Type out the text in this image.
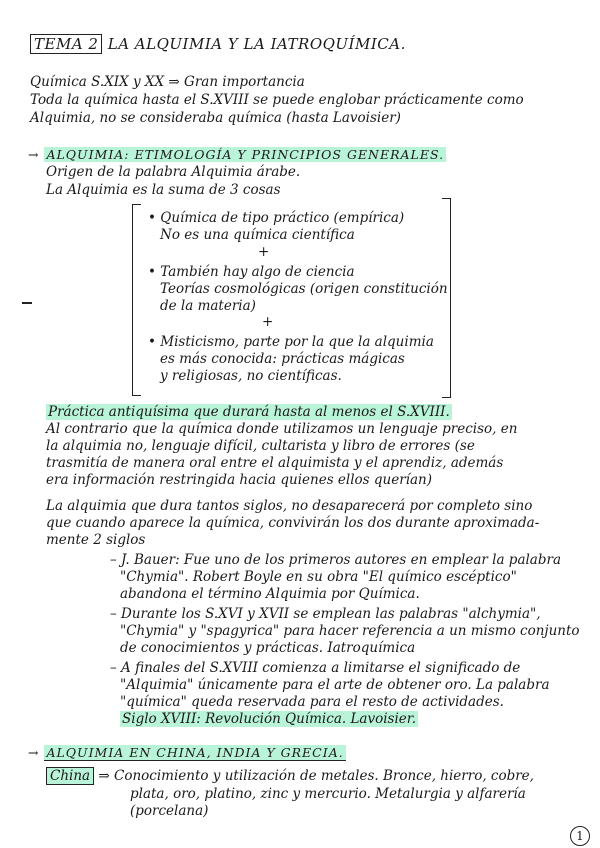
TEMA 2 LA ALQUIMIA Y LA IATROQUÍMICA.
Química S.XIX y XX ⇒ Gran importancia
Toda la química hasta el S.XVIII se puede englobar prácticamente como
Alquimia, no se consideraba química (hasta Lavoisier)
→ ALQUIMIA: ETIMOLOGÍA Y PRINCIPIOS GENERALES.
Origen de la palabra Alquimia árabe.
La Alquimia es la suma de 3 cosas
• Química de tipo práctico (empírica)
No es una química científica
+
• También hay algo de ciencia
Teorías cosmológicas (origen constitución
de la materia)
+
• Misticismo, parte por la que la alquimia
es más conocida: prácticas mágicas
y religiosas, no científicas.
Práctica antiquísima que durará hasta al menos el S.XVIII.
Al contrario que la química donde utilizamos un lenguaje preciso, en
la alquimia no, lenguaje difícil, cultarista y libro de errores (se
trasmitía de manera oral entre el alquimista y el aprendiz, además
era información restringida hacia quienes ellos querían)
La alquimia que dura tantos siglos, no desaparecerá por completo sino
que cuando aparece la química, convivirán los dos durante aproximada-
mente 2 siglos
– J. Bauer: Fue uno de los primeros autores en emplear la palabra
"Chymia". Robert Boyle en su obra "El químico escéptico"
abandona el término Alquimia por Química.
– Durante los S.XVI y XVII se emplean las palabras "alchymia",
"Chymia" y "spagyrica" para hacer referencia a un mismo conjunto
de conocimientos y prácticas. Iatroquímica
– A finales del S.XVIII comienza a limitarse el significado de
"Alquimia" únicamente para el arte de obtener oro. La palabra
"química" queda reservada para el resto de actividades.
Siglo XVIII: Revolución Química. Lavoisier.
→ ALQUIMIA EN CHINA, INDIA Y GRECIA.
China ⇒ Conocimiento y utilización de metales. Bronce, hierro, cobre,
plata, oro, platino, zinc y mercurio. Metalurgia y alfarería
(porcelana)
1
